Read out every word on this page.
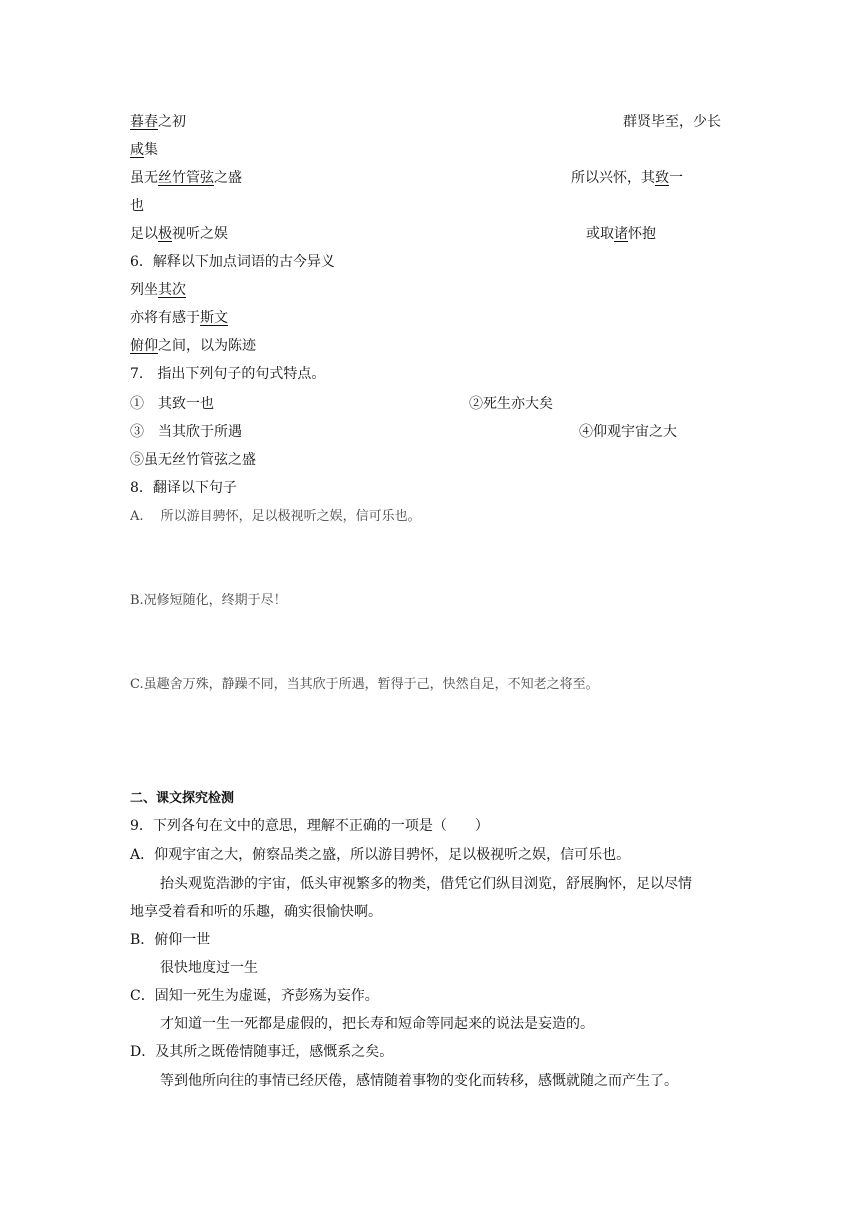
暮春之初	群贤毕至，少长
咸集
虽无丝竹管弦之盛	所以兴怀，其致一
也
足以极视听之娱	或取诸怀抱
6．解释以下加点词语的古今异义
列坐其次
亦将有感于斯文
俯仰之间，以为陈迹
7.　指出下列句子的句式特点。
①　其致一也	②死生亦大矣
③　当其欣于所遇	④仰观宇宙之大
⑤虽无丝竹管弦之盛
8．翻译以下句子
A.　 所以游目骋怀，足以极视听之娱，信可乐也。
B.况修短随化，终期于尽！
C.虽趣舍万殊，静躁不同，当其欣于所遇，暂得于己，快然自足，不知老之将至。
二、课文探究检测
9．下列各句在文中的意思，理解不正确的一项是（　　）
A．仰观宇宙之大，俯察品类之盛，所以游目骋怀，足以极视听之娱，信可乐也。
抬头观览浩渺的宇宙，低头审视繁多的物类，借凭它们纵目浏览，舒展胸怀，足以尽情
地享受着看和听的乐趣，确实很愉快啊。
B．俯仰一世
很快地度过一生
C．固知一死生为虚诞，齐彭殇为妄作。
才知道一生一死都是虚假的，把长寿和短命等同起来的说法是妄造的。
D．及其所之既倦情随事迁，感慨系之矣。
等到他所向往的事情已经厌倦，感情随着事物的变化而转移，感慨就随之而产生了。
